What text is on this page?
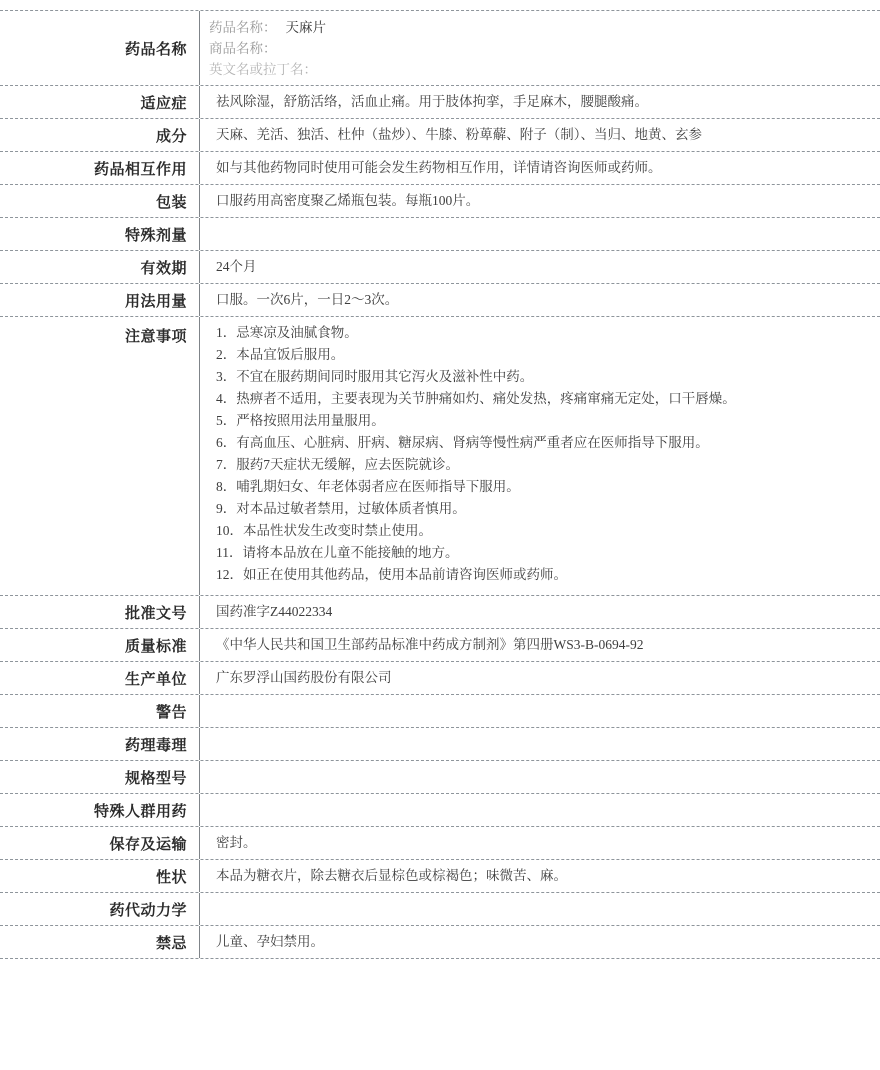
药品名称
药品名称： 天麻片
商品名称：
英文名或拉丁名：
适应症	祛风除湿，舒筋活络，活血止痛。用于肢体拘挛，手足麻木，腰腿酸痛。
成分	天麻、羌活、独活、杜仲（盐炒）、牛膝、粉萆薢、附子（制）、当归、地黄、玄参
药品相互作用	如与其他药物同时使用可能会发生药物相互作用，详情请咨询医师或药师。
包装	口服药用高密度聚乙烯瓶包装。每瓶100片。
特殊剂量
有效期	24个月
用法用量	口服。一次6片，一日2～3次。
注意事项	1．忌寒凉及油腻食物。
2．本品宜饭后服用。
3．不宜在服药期间同时服用其它泻火及滋补性中药。
4．热痹者不适用，主要表现为关节肿痛如灼、痛处发热，疼痛窜痛无定处，口干唇燥。
5．严格按照用法用量服用。
6．有高血压、心脏病、肝病、糖尿病、肾病等慢性病严重者应在医师指导下服用。
7．服药7天症状无缓解，应去医院就诊。
8．哺乳期妇女、年老体弱者应在医师指导下服用。
9．对本品过敏者禁用，过敏体质者慎用。
10．本品性状发生改变时禁止使用。
11．请将本品放在儿童不能接触的地方。
12．如正在使用其他药品，使用本品前请咨询医师或药师。
批准文号	国药准字Z44022334
质量标准	《中华人民共和国卫生部药品标准中药成方制剂》第四册WS3-B-0694-92
生产单位	广东罗浮山国药股份有限公司
警告
药理毒理
规格型号
特殊人群用药
保存及运输	密封。
性状	本品为糖衣片，除去糖衣后显棕色或棕褐色；味微苦、麻。
药代动力学
禁忌	儿童、孕妇禁用。
